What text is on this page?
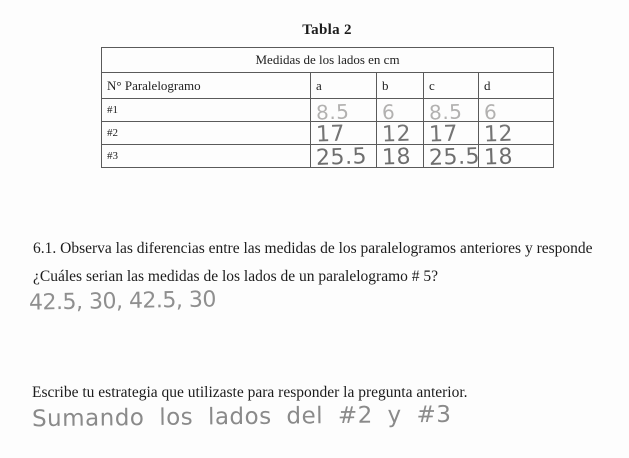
Tabla 2
Medidas de los lados en cm				
N° Paralelogramo	a	b	c	d
#1	8.5	6	8.5	6
#2	17	12	17	12
#3	25.5	18	25.5	18

6.1. Observa las diferencias entre las medidas de los paralelogramos anteriores y responde

¿Cuáles serian las medidas de los lados de un paralelogramo # 5?

42.5, 30, 42.5, 30

Escribe tu estrategia que utilizaste para responder la pregunta anterior.

Sumando los lados del #2 y #3
